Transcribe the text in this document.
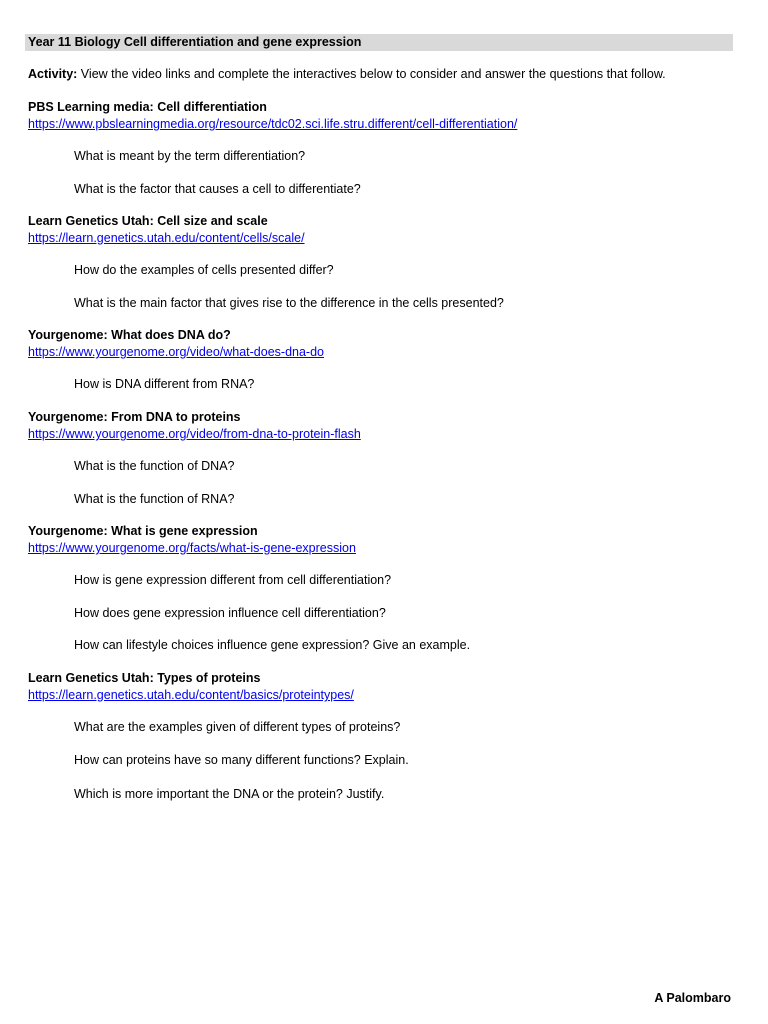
Year 11 Biology Cell differentiation and gene expression
Activity: View the video links and complete the interactives below to consider and answer the questions that follow.
PBS Learning media: Cell differentiation
https://www.pbslearningmedia.org/resource/tdc02.sci.life.stru.different/cell-differentiation/
What is meant by the term differentiation?
What is the factor that causes a cell to differentiate?
Learn Genetics Utah: Cell size and scale
https://learn.genetics.utah.edu/content/cells/scale/
How do the examples of cells presented differ?
What is the main factor that gives rise to the difference in the cells presented?
Yourgenome: What does DNA do?
https://www.yourgenome.org/video/what-does-dna-do
How is DNA different from RNA?
Yourgenome: From DNA to proteins
https://www.yourgenome.org/video/from-dna-to-protein-flash
What is the function of DNA?
What is the function of RNA?
Yourgenome: What is gene expression
https://www.yourgenome.org/facts/what-is-gene-expression
How is gene expression different from cell differentiation?
How does gene expression influence cell differentiation?
How can lifestyle choices influence gene expression? Give an example.
Learn Genetics Utah: Types of proteins
https://learn.genetics.utah.edu/content/basics/proteintypes/
What are the examples given of different types of proteins?
How can proteins have so many different functions? Explain.
Which is more important the DNA or the protein? Justify.
A Palombaro
